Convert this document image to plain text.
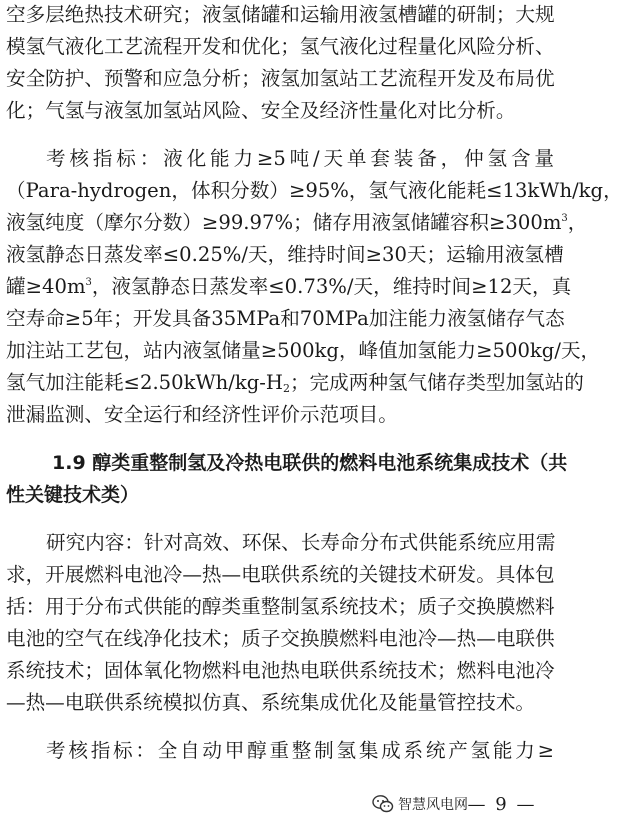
空多层绝热技术研究；液氢储罐和运输用液氢槽罐的研制；大规
模氢气液化工艺流程开发和优化；氢气液化过程量化风险分析、
安全防护、预警和应急分析；液氢加氢站工艺流程开发及布局优
化；气氢与液氢加氢站风险、安全及经济性量化对比分析。
考核指标：液化能力≥5吨/天单套装备，仲氢含量
（Para-hydrogen，体积分数）≥95%，氢气液化能耗≤13kWh/kg，
液氢纯度（摩尔分数）≥99.97%；储存用液氢储罐容积$\ge 300m^3$，
液氢静态日蒸发率≤0.25%/天，维持时间≥30天；运输用液氢槽
罐$\ge 40m^3$，液氢静态日蒸发率≤0.73%/天，维持时间≥12天，真
空寿命≥5年；开发具备35MPa和70MPa加注能力液氢储存气态
加注站工艺包，站内液氢储量≥500kg，峰值加氢能力≥500kg/天，
氢气加注能耗$\le 2.50kWh/kg-H_2$；完成两种氢气储存类型加氢站的
泄漏监测、安全运行和经济性评价示范项目。
1.9 醇类重整制氢及冷热电联供的燃料电池系统集成技术（共
性关键技术类）
研究内容：针对高效、环保、长寿命分布式供能系统应用需
求，开展燃料电池冷—热—电联供系统的关键技术研发。具体包
括：用于分布式供能的醇类重整制氢系统技术；质子交换膜燃料
电池的空气在线净化技术；质子交换膜燃料电池冷—热—电联供
系统技术；固体氧化物燃料电池热电联供系统技术；燃料电池冷
—热—电联供系统模拟仿真、系统集成优化及能量管控技术。
考核指标：全自动甲醇重整制氢集成系统产氢能力≥
智慧风电网 — 9 —
